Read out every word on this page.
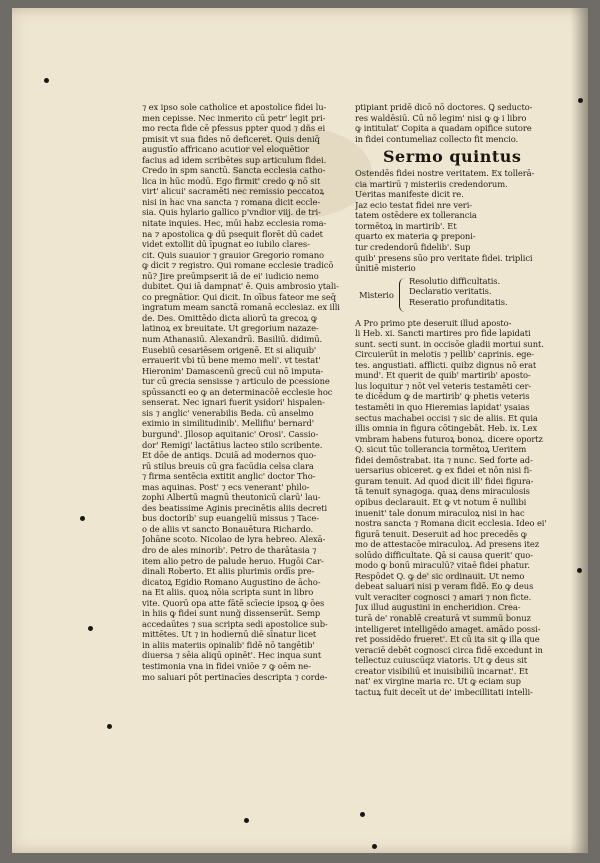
⁊ ex ipso sole catholice et apostolice fidei lu-
men cepisse. Nec inmerito cū petr' legit pri-
mo recta fide cē pfessus ppter quod ⁊ dñs ei
pmisit vt sua fides nō deficeret. Quis deniq̄
augustīo affricano acutior vel eloquētior
facius ad idem scribētes sup articulum fidei.
Credo in spm sanctū. Sancta ecclesia catho-
lica in hūc modū. Ego firmit' credo ꝙ nō sit
virt' alicui' sacramēti nec remissio peccatoꝝ
nisi in hac vna sancta ⁊ romana dicit eccle-
sia. Quis hylario gallico p'vndior viij. de tri-
nitate inquies. Hec, mūi habz ecclesia roma-
na ⁊ apostolica ꝙ dū psequit florēt dū cadet
videt extollit dū īpugnat eo iubilo clares-
cit. Quis suauior ⁊ grauior Gregorio romano
ꝙ dicit ⁊ registro. Qui romane ecclesie tradicō
nū? Jire preūmpserit iā de ei' iudicio nemo
dubitet. Qui iā dampnat' ē. Quis ambrosio ytali-
co pregnātior. Qui dicit. In oībus fateor me seq̄
ingratum meam sanctā romanā ecclesiaz. ex illi
de. Des. Omittēdo dicta aliorū ta grecoꝝ ꝙ
latinoꝝ ex breuitate. Ut gregorium nazaze-
num Athanasiū. Alexandrū. Basiliū. didimū.
Eusebiū cesariēsem origenē. Et si aliquib'
errauerit vbi tū bene memo meli'. vt testat'
Hieronim' Damascenū grecū cui nō imputa-
tur cū grecia sensisse ⁊ articulo de pcessione
spūssancti eo ꝙ an determinacōē ecclesie hoc
senserat. Nec ignari fuerit ysidori' hispalen-
sis ⁊ anglic' venerabilis Beda. cū anselmo
eximio in similitudinib'. Mellifiu' bernard'
burgund'. Jllosop aquitanic' Orosi'. Cassio-
dor' Remigi' lactātius lacteo stilo scribente.
Et dōe de antiqs. Dcuiā ad modernos quo-
rū stilus breuis cū gra facūdia celsa clara
⁊ firma sentēcia extitit anglic' doctor Tho-
mas aquinas. Post' ⁊ ecs venerant' philo-
zophi Albertū magnū theutonicū clarū' lau-
des beatissime Aginis precinētis aliis decreti
bus doctorib' sup euangeliū missus ⁊ Tace-
o de aliis vt sancto Bonauētura Richardo.
Johāne scoto. Nicolao de lyra hebreo. Alexā-
dro de ales minorib'. Petro de tharātasia ⁊
item alio petro de palude heruo. Hugōi Car-
dinali Roberto. Et aliis plurimis ordīs pre-
dicatoꝝ Egidio Romano Augustino de ācho-
na Et aliis. quoꝝ nōia scripta sunt in libro
vite. Quorū opa atte fātē scīecie ipsoꝝ ꝙ ōes
in hiis ꝙ fidei sunt nung̃ dissenserūt. Semp
accedaūtes ⁊ sua scripta sedi apostolice sub-
mittētes. Ut ⁊ in hodiernū diē sīnatur licet
in aliis materiis opinalib' fidē nō tangētib'
diuersa ⁊ sēia aliqū opinēt'. Hec inqua sunt
testimonia vna in fidei vniōe ⁊ ꝙ oēm ne-
mo saluari pōt pertinacīes descripta ⁊ corde-
ptipiant pridē dicō nō doctores. Ꝗ seducto-
res waldēsiū. Cū nō legim' nisi ꝙ ꝙ i libro
ꝙ intitulat' Copita a quadam opifice sutore
in fidei contumeliaz collecto fit mencio.
Sermo quintus
Ostendēs fidei nostre veritatem. Ex tollerā-
cia martirū ⁊ misteriis credendorum.
Ueritas manifeste dicit re.
Jaz ecio testat fidei nre veri-
tatem ostēdere ex tollerancia
tormētoꝝ in martirib'. Et
quarto ex materia ꝙ preponi-
tur credendorū fidelib'. Sup
quib' presens sūo pro veritate fidei. triplici
ūnitiē misterio
Misterio
Resolutio difficultatis.
Declaratio veritatis.
Reseratio profunditatis.
A Pro primo pte deseruit illud aposto-
li Heb. xi. Sancti martires pro fide lapidati
sunt. secti sunt. in occisōe gladii mortui sunt.
Circuierūt in melotis ⁊ pellib' caprinis. ege-
tes. angustiati. afflicti. quibz dignus nō erat
mund'. Et querit de quib' martirib' aposto-
lus loquitur ⁊ nōt vel veteris testamēti cer-
te dicēdum ꝙ de martirib' ꝙ phetis veteris
testamēti in quo Hieremias lapidat' ysaias
sectus machabei occisi ⁊ sic de aliis. Et quia
illis omnia in figura cōtingebāt. Heb. ix. Lex
vmbram habens futuroꝝ bonoꝝ. dicere oportz
Q. sicut tūc tollerancia tormētoꝝ Ueritem
fidei demōstrabat. ita ⁊ nunc. Sed forte ad-
uersarius obiceret. ꝙ ex fidei et nōn nisi fi-
guram tenuit. Ad quod dicit ill' fidei figura-
tā tenuit synagoga. quaꝝ dens miraculosis
opibus declarauit. Et ꝙ vt notum ē nullibi
inuenit' tale donum miraculoꝝ nisi in hac
nostra sancta ⁊ Romana dicit ecclesia. Ideo ei'
figurā tenuit. Deseruit ad hoc precedēs ꝙ
mo de attestacōe miraculoꝝ. Ad presens itez
solūdo difficultate. Ꝗā si causa querit' quo-
modo ꝙ bonū miraculū? vitaē fidei phatur.
Respōdet Q. ꝙ de' sic ordinauit. Ut nemo
debeat saluari nisi p veram fidē. Eo ꝙ deus
vult veraciter cognosci ⁊ amari ⁊ non ficte.
Jux illud augustini in encheridion. Crea-
turā de' ronablē creaturā vt summū bonuz
intelligeret intelligēdo amaget. amādo possi-
ret possidēdo frueret'. Et cū ita sit ꝙ illa que
veraciē debēt cognosci circa fidē excedunt in
tellectuz cuiuscūqz viatoris. Ut ꝙ deus sit
creator visibiliū et inuisibiliū incarnat'. Et
nat' ex virgine maria rc. Ut ꝙ eciam sup
tactuꝝ fuit deceīt ut de' imbecillitati intelli-
